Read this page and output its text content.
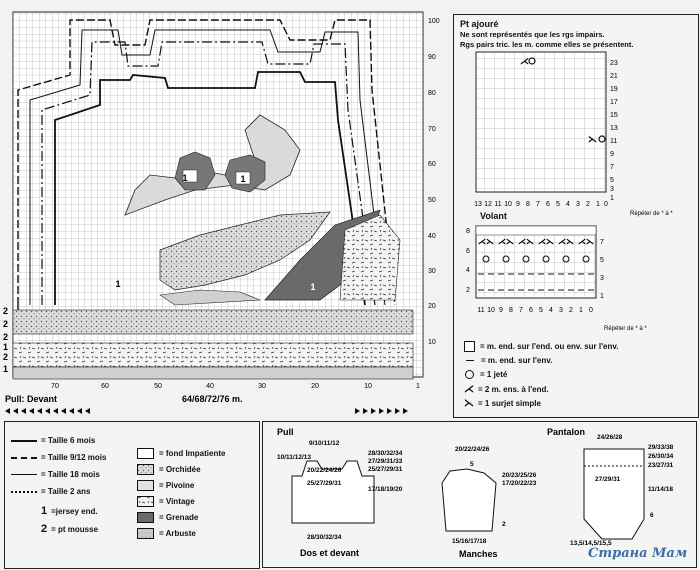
1	1
1	1
100
90
80
70
60
50
40
30
20
10
2
2
2
1
2
1
70	60	50	40	30	20	10	1
Pull: Devant	64/68/72/76 m.
Pt ajouré
Ne sont représentés que les rgs impairs.
Rgs pairs tric. les m. comme elles se présentent.
⋌
⋋
23
21
19
17
15
13
11
9
7
5
3
1
13 12 11 10 9 8 7 6 5 4 3 2 1 0
Répéter de * à *
Volant
⋌⋋ ⋌⋋ ⋌⋋ ⋌⋋ ⋌⋋ ⋌⋋
8
6
4
2
7
5
3
1
11 10 9 8 7 6 5 4 3 2 1 0
Répéter de * à *
= m. end. sur l'end. ou env. sur l'env.
= m. end. sur l'env.
= 1 jeté
⋌ = 2 m. ens. à l'end.
⋋ = 1 surjet simple
= Taille 6 mois
= Taille 9/12 mois
= Taille 18 mois
= Taille 2 ans
1 =jersey end.
2 = pt mousse
= fond Impatiente
= Orchidée
= Pivoine
= Vintage
= Grenade
= Arbuste
Pull	Pantalon
9/10/11/12
10/11/12/13
20/22/24/26
28/30/32/34
27/29/31/33
25/27/29/31
17/18/19/20
25/27/29/31
28/30/32/34
Dos et devant
20/22/24/26
5
20/23/25/26
17/20/22/23
2
15/16/17/18
Manches
24/26/28
29/33/38
26/30/34
23/27/31
11/14/18
27/29/31
6
13,5/14,5/15,5
Страна Мам
